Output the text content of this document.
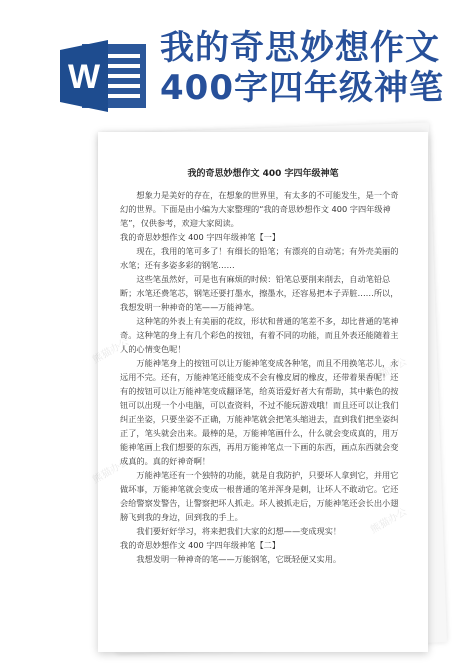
W
我的奇思妙想作文
400字四年级神笔
熊猫办公
熊猫办公
熊猫办公
熊猫办公
我的奇思妙想作文 400 字四年级神笔

想象力是美好的存在，在想象的世界里，有太多的不可能发生，是一个奇幻的世界。下面是由小编为大家整理的“我的奇思妙想作文 400 字四年级神笔”，仅供参考，欢迎大家阅读。

我的奇思妙想作文 400 字四年级神笔【一】

现在，我用的笔可多了！有细长的铅笔；有漂亮的自动笔；有外壳美丽的水笔；还有多姿多彩的钢笔……

这些笔虽然好，可是也有麻烦的时候：铅笔总要削来削去，自动笔铅总断；水笔还费笔芯，钢笔还要打墨水，擦墨水，还容易把本子弄脏……所以，我想发明一种神奇的笔——万能神笔。

这种笔的外表上有美丽的花纹，形状和普通的笔差不多，却比普通的笔神奇。这种笔的身上有几个彩色的按钮，有着不同的功能，而且外表还能随着主人的心情变色呢！

万能神笔身上的按钮可以让万能神笔变成各种笔，而且不用换笔芯儿，永远用不完。还有，万能神笔还能变成不会有橡皮屑的橡皮，还带着果香呢！还有的按钮可以让万能神笔变成翻译笔，给英语爱好者大有帮助，其中紫色的按钮可以出现一个小电脑，可以查资料，不过不能玩游戏哦！而且还可以让我们纠正坐姿，只要坐姿不正确，万能神笔就会把笔头缩进去，直到我们把坐姿纠正了，笔头就会出来。最棒的是，万能神笔画什么，什么就会变成真的，用万能神笔画上我们想要的东西，再用万能神笔点一下画的东西，画点东西就会变成真的。真的好神奇啊！

万能神笔还有一个独特的功能，就是自我防护，只要坏人拿到它，并用它做坏事，万能神笔就会变成一根普通的笔并浑身是刺，让坏人不敢动它。它还会给警察发警告，让警察把坏人抓走。坏人被抓走后，万能神笔还会长出小翅膀飞到我的身边，回到我的手上。

我们要好好学习，将来把我们大家的幻想——变成现实！

我的奇思妙想作文 400 字四年级神笔【二】

我想发明一种神奇的笔——万能钢笔，它既轻便又实用。
